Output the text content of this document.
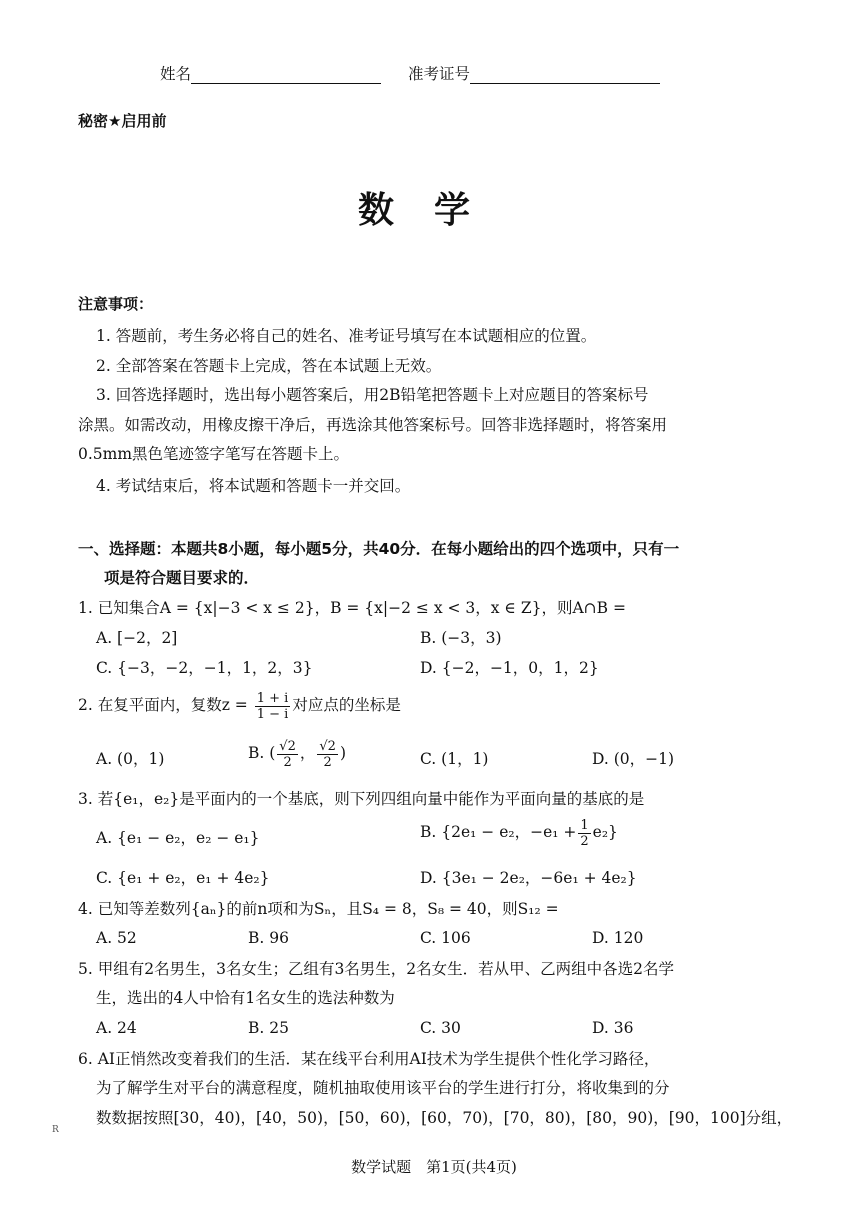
姓名	准考证号
秘密★启用前
数学
注意事项：
1. 答题前，考生务必将自己的姓名、准考证号填写在本试题相应的位置。
2. 全部答案在答题卡上完成，答在本试题上无效。
3. 回答选择题时，选出每小题答案后，用2B铅笔把答题卡上对应题目的答案标号
涂黑。如需改动，用橡皮擦干净后，再选涂其他答案标号。回答非选择题时，将答案用
0.5mm黑色笔迹签字笔写在答题卡上。
4. 考试结束后，将本试题和答题卡一并交回。
一、选择题：本题共8小题，每小题5分，共40分．在每小题给出的四个选项中，只有一
项是符合题目要求的．
1. 已知集合A = {x|−3 < x ≤ 2}，B = {x|−2 ≤ x < 3，x ∈ Z}，则A∩B =
A. [−2，2]	B. (−3，3)
C. {−3，−2，−1，1，2，3}	D. {−2，−1，0，1，2}
2. 在复平面内，复数$z = \frac{1 + i}{1 - i}$ 对应点的坐标是
A. (0，1)	B. ( $\frac{√2}{2}$ ， $\frac{√2}{2}$ )	C. (1，1)	D. (0，−1)
3. 若{e₁，e₂}是平面内的一个基底，则下列四组向量中能作为平面向量的基底的是
A. {e₁ − e₂，e₂ − e₁}	B. {2e₁ − e₂，$-e_1 + \frac{1}{2} e_2$}
C. {e₁ + e₂，e₁ + 4e₂}	D. {3e₁ − 2e₂，−6e₁ + 4e₂}
4. 已知等差数列{aₙ}的前n项和为Sₙ，且S₄ = 8，S₈ = 40，则S₁₂ =
A. 52	B. 96	C. 106	D. 120
5. 甲组有2名男生，3名女生；乙组有3名男生，2名女生．若从甲、乙两组中各选2名学
生，选出的4人中恰有1名女生的选法种数为
A. 24	B. 25	C. 30	D. 36
6. AI正悄然改变着我们的生活．某在线平台利用AI技术为学生提供个性化学习路径，
为了解学生对平台的满意程度，随机抽取使用该平台的学生进行打分，将收集到的分
数数据按照[30，40)，[40，50)，[50，60)，[60，70)，[70，80)，[80，90)，[90，100]分组，
R
数学试题　第1页(共4页)
